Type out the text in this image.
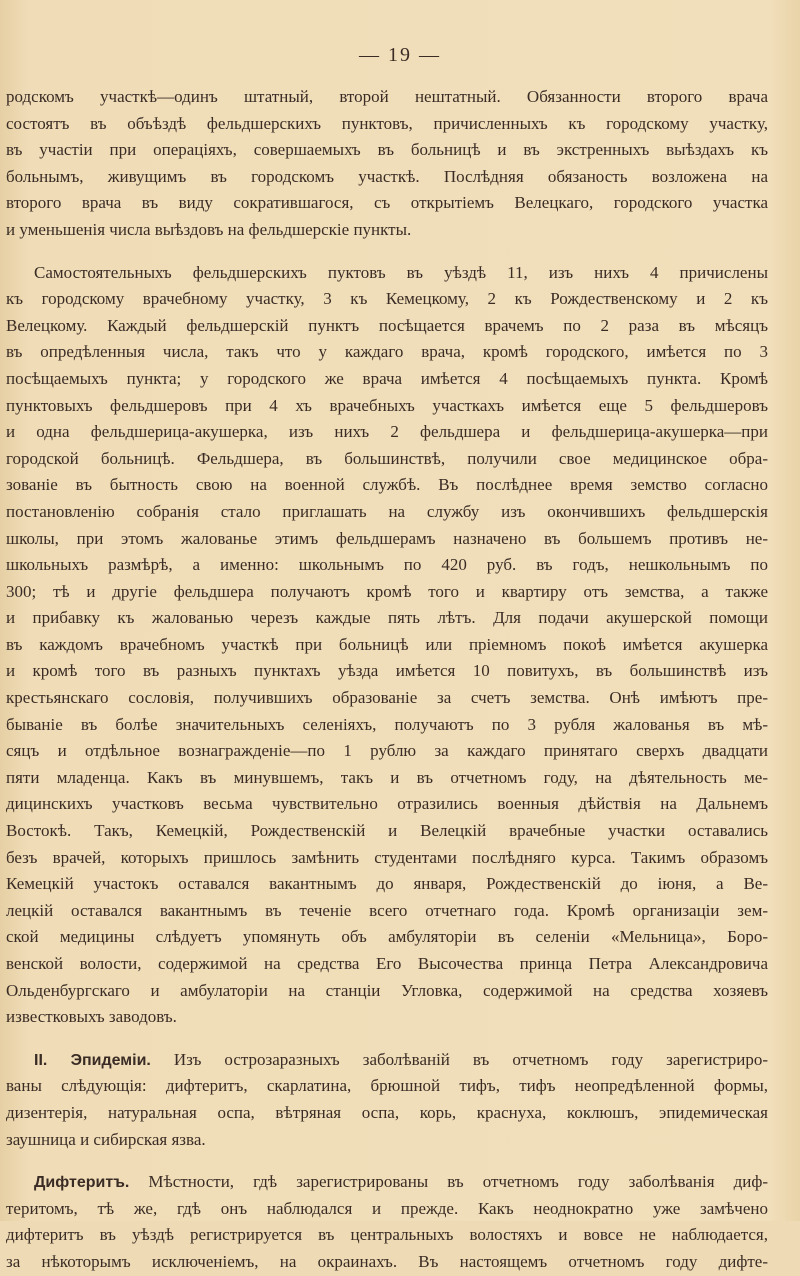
— 19 —
родскомъ участкѣ—одинъ штатный, второй нештатный. Обязанности второго врача
состоятъ въ объѣздѣ фельдшерскихъ пунктовъ, причисленныхъ къ городскому участку,
въ участіи при операціяхъ, совершаемыхъ въ больницѣ и въ экстренныхъ выѣздахъ къ
больнымъ, живущимъ въ городскомъ участкѣ. Послѣдняя обязаность возложена на
второго врача въ виду сократившагося, съ открытіемъ Велецкаго, городского участка
и уменьшенія числа выѣздовъ на фельдшерскіе пункты.
Самостоятельныхъ фельдшерскихъ пуктовъ въ уѣздѣ 11, изъ нихъ 4 причислены
къ городскому врачебному участку, 3 къ Кемецкому, 2 къ Рождественскому и 2 къ
Велецкому. Каждый фельдшерскій пунктъ посѣщается врачемъ по 2 раза въ мѣсяцъ
въ опредѣленныя числа, такъ что у каждаго врача, кромѣ городского, имѣется по 3
посѣщаемыхъ пункта; у городского же врача имѣется 4 посѣщаемыхъ пункта. Кромѣ
пунктовыхъ фельдшеровъ при 4 хъ врачебныхъ участкахъ имѣется еще 5 фельдшеровъ
и одна фельдшерица-акушерка, изъ нихъ 2 фельдшера и фельдшерица-акушерка—при
городской больницѣ. Фельдшера, въ большинствѣ, получили свое медицинское обра-
зованіе въ бытность свою на военной службѣ. Въ послѣднее время земство согласно
постановленію собранія стало приглашать на службу изъ окончившихъ фельдшерскія
школы, при этомъ жалованье этимъ фельдшерамъ назначено въ большемъ противъ не-
школьныхъ размѣрѣ, а именно: школьнымъ по 420 руб. въ годъ, нешкольнымъ по
300; тѣ и другіе фельдшера получаютъ кромѣ того и квартиру отъ земства, а также
и прибавку къ жалованью черезъ каждые пять лѣтъ. Для подачи акушерской помощи
въ каждомъ врачебномъ участкѣ при больницѣ или пріемномъ покоѣ имѣется акушерка
и кромѣ того въ разныхъ пунктахъ уѣзда имѣется 10 повитухъ, въ большинствѣ изъ
крестьянскаго сословія, получившихъ образованіе за счетъ земства. Онѣ имѣютъ пре-
бываніе въ болѣе значительныхъ селеніяхъ, получаютъ по 3 рубля жалованья въ мѣ-
сяцъ и отдѣльное вознагражденіе—по 1 рублю за каждаго принятаго сверхъ двадцати
пяти младенца. Какъ въ минувшемъ, такъ и въ отчетномъ году, на дѣятельность ме-
дицинскихъ участковъ весьма чувствительно отразились военныя дѣйствія на Дальнемъ
Востокѣ. Такъ, Кемецкій, Рождественскій и Велецкій врачебные участки оставались
безъ врачей, которыхъ пришлось замѣнить студентами послѣдняго курса. Такимъ образомъ
Кемецкій участокъ оставался вакантнымъ до января, Рождественскій до іюня, а Ве-
лецкій оставался вакантнымъ въ теченіе всего отчетнаго года. Кромѣ организаціи зем-
ской медицины слѣдуетъ упомянуть объ амбуляторіи въ селеніи «Мельница», Боро-
венской волости, содержимой на средства Его Высочества принца Петра Александровича
Ольденбургскаго и амбулаторіи на станціи Угловка, содержимой на средства хозяевъ
известковыхъ заводовъ.
II. Эпидеміи. Изъ острозаразныхъ заболѣваній въ отчетномъ году зарегистриро-
ваны слѣдующія: дифтеритъ, скарлатина, брюшной тифъ, тифъ неопредѣленной формы,
дизентерія, натуральная оспа, вѣтряная оспа, корь, краснуха, коклюшъ, эпидемическая
заушница и сибирская язва.
Дифтеритъ. Мѣстности, гдѣ зарегистрированы въ отчетномъ году заболѣванія диф-
теритомъ, тѣ же, гдѣ онъ наблюдался и прежде. Какъ неоднократно уже замѣчено
дифтеритъ въ уѣздѣ регистрируется въ центральныхъ волостяхъ и вовсе не наблюдается,
за нѣкоторымъ исключеніемъ, на окраинахъ. Въ настоящемъ отчетномъ году дифте-
